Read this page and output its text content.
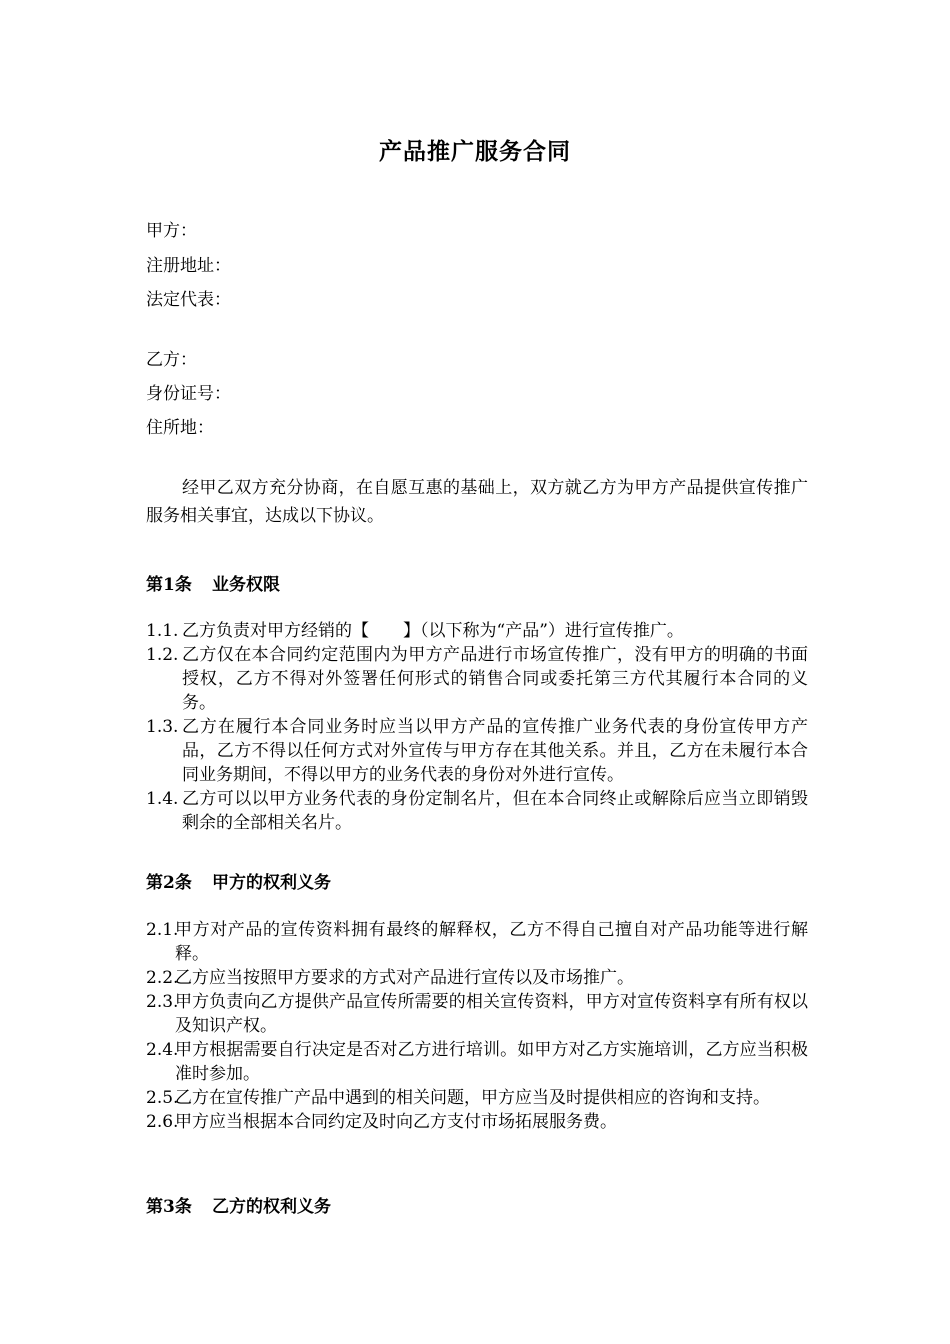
产品推广服务合同
甲方：
注册地址：
法定代表：
乙方：
身份证号：
住所地：
经甲乙双方充分协商，在自愿互惠的基础上，双方就乙方为甲方产品提供宣传推广服务相关事宜，达成以下协议。
第1条 业务权限
1.1. 乙方负责对甲方经销的【　　】（以下称为“产品”）进行宣传推广。
1.2. 乙方仅在本合同约定范围内为甲方产品进行市场宣传推广，没有甲方的明确的书面授权，乙方不得对外签署任何形式的销售合同或委托第三方代其履行本合同的义务。
1.3. 乙方在履行本合同业务时应当以甲方产品的宣传推广业务代表的身份宣传甲方产品，乙方不得以任何方式对外宣传与甲方存在其他关系。并且，乙方在未履行本合同业务期间，不得以甲方的业务代表的身份对外进行宣传。
1.4. 乙方可以以甲方业务代表的身份定制名片，但在本合同终止或解除后应当立即销毁剩余的全部相关名片。
第2条 甲方的权利义务
2.1.
甲方对产品的宣传资料拥有最终的解释权，乙方不得自己擅自对产品功能等进行解释。
2.2.
乙方应当按照甲方要求的方式对产品进行宣传以及市场推广。
2.3.
甲方负责向乙方提供产品宣传所需要的相关宣传资料，甲方对宣传资料享有所有权以及知识产权。
2.4.
甲方根据需要自行决定是否对乙方进行培训。如甲方对乙方实施培训，乙方应当积极准时参加。
2.5.
乙方在宣传推广产品中遇到的相关问题，甲方应当及时提供相应的咨询和支持。
2.6.
甲方应当根据本合同约定及时向乙方支付市场拓展服务费。
第3条 乙方的权利义务
